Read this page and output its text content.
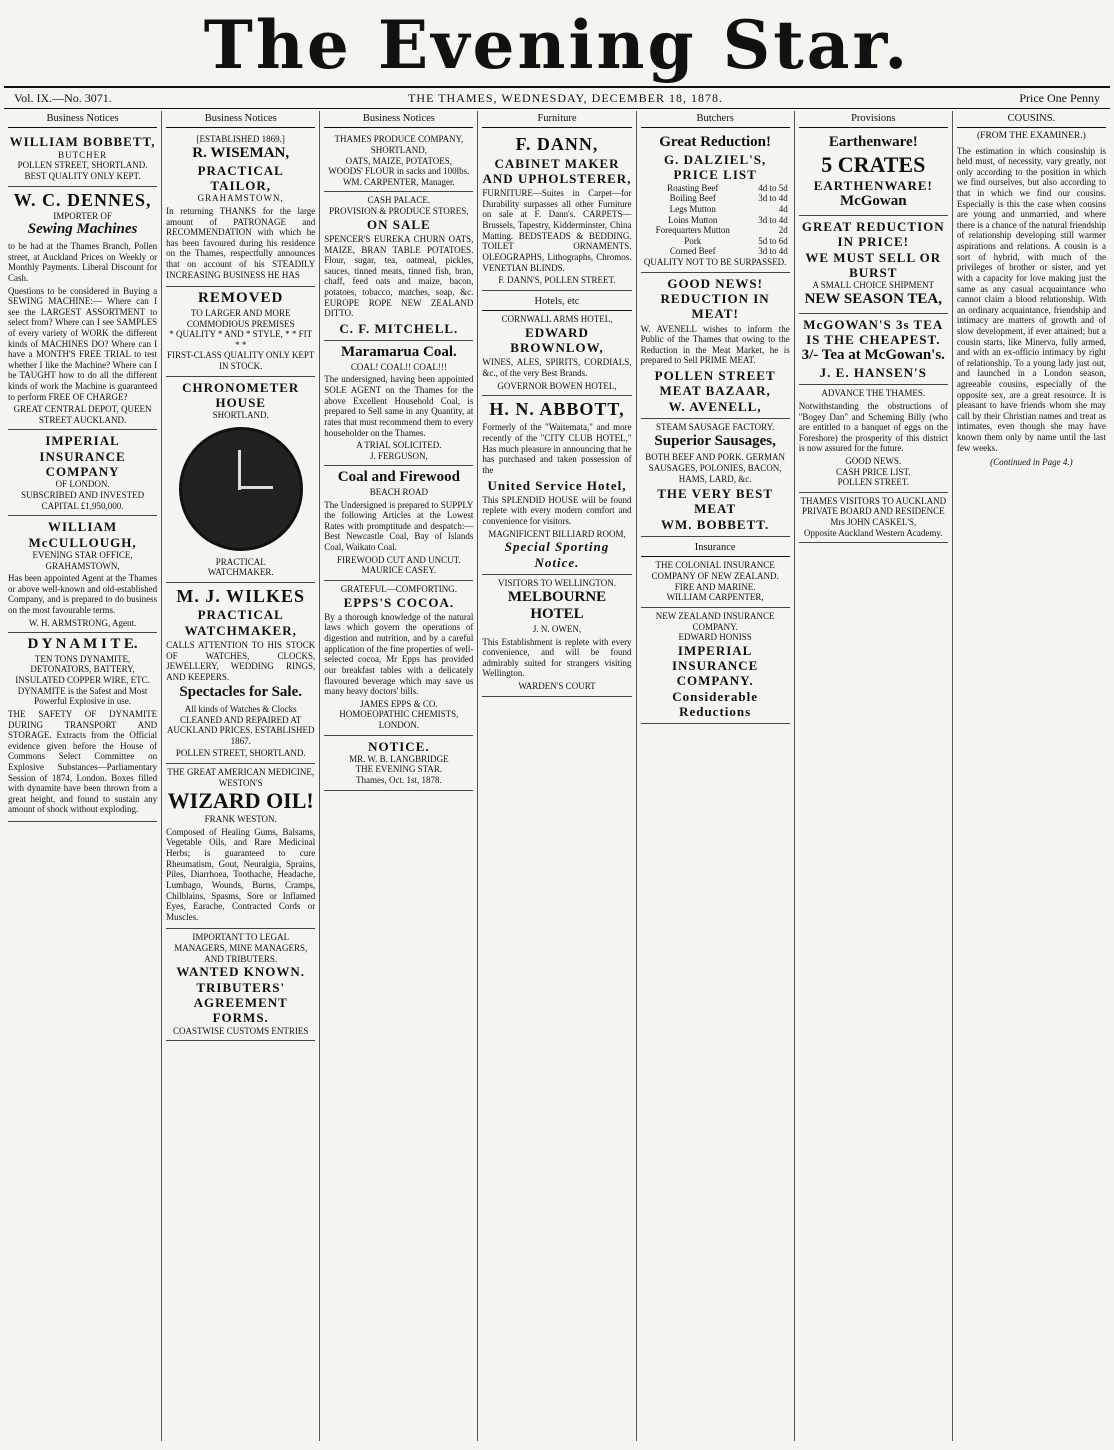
The Evening Star.
Vol. IX.—No. 3071.	THE THAMES, WEDNESDAY, DECEMBER 18, 1878.	Price One Penny
Business Notices
WILLIAM BOBBETT,
BUTCHER
POLLEN STREET, SHORTLAND.
BEST QUALITY ONLY KEPT.
W. C. DENNES,
IMPORTER OF
Sewing Machines

to be had at the Thames Branch, Pollen street, at Auckland Prices on Weekly or Monthly Payments. Liberal Discount for Cash.

Questions to be considered in Buying a SEWING MACHINE:— Where can I see the LARGEST ASSORTMENT to select from? Where can I see SAMPLES of every variety of WORK the different kinds of MACHINES DO? Where can I have a MONTH'S FREE TRIAL to test whether I like the Machine? Where can I be TAUGHT how to do all the different kinds of work the Machine is guaranteed to perform FREE OF CHARGE?

GREAT CENTRAL DEPOT, QUEEN STREET AUCKLAND.
IMPERIAL
INSURANCE COMPANY
OF LONDON.
SUBSCRIBED AND INVESTED CAPITAL £1,950,000.
WILLIAM McCULLOUGH,
EVENING STAR OFFICE,
GRAHAMSTOWN,

Has been appointed Agent at the Thames or above well-known and old-established Company, and is prepared to do business on the most favourable terms.

W. H. ARMSTRONG, Agent.
D Y N A M I T E.
TEN TONS DYNAMITE,
DETONATORS, BATTERY, INSULATED COPPER WIRE, ETC.
DYNAMITE is the Safest and Most Powerful Explosive in use.

THE SAFETY OF DYNAMITE DURING TRANSPORT AND STORAGE. Extracts from the Official evidence given before the House of Commons Select Committee on Explosive Substances—Parliamentary Session of 1874, London. Boxes filled with dynamite have been thrown from a great height, and found to sustain any amount of shock without exploding.

Business Notices
[ESTABLISHED 1869.]
R. WISEMAN,
PRACTICAL TAILOR,
GRAHAMSTOWN,

In returning THANKS for the large amount of PATRONAGE and RECOMMENDATION with which he has been favoured during his residence on the Thames, respectfully announces that on account of his STEADILY INCREASING BUSINESS HE HAS

REMOVED
TO LARGER AND MORE COMMODIOUS PREMISES
* QUALITY * AND * STYLE, * * FIT * *
FIRST-CLASS QUALITY ONLY KEPT IN STOCK.
CHRONOMETER HOUSE
SHORTLAND.
PRACTICAL
WATCHMAKER.
M. J. WILKES
PRACTICAL WATCHMAKER,

CALLS ATTENTION TO HIS STOCK OF WATCHES, CLOCKS, JEWELLERY, WEDDING RINGS, AND KEEPERS.

Spectacles for Sale.

All kinds of Watches & Clocks CLEANED AND REPAIRED AT AUCKLAND PRICES. ESTABLISHED 1867.

POLLEN STREET, SHORTLAND.
THE GREAT AMERICAN MEDICINE,
WESTON'S
WIZARD OIL!
FRANK WESTON.

Composed of Healing Gums, Balsams, Vegetable Oils, and Rare Medicinal Herbs; is guaranteed to cure Rheumatism, Gout, Neuralgia, Sprains, Piles, Diarrhoea, Toothache, Headache, Lumbago, Wounds, Burns, Cramps, Chilblains, Spasms, Sore or Inflamed Eyes, Earache, Contracted Cords or Muscles.

IMPORTANT TO LEGAL MANAGERS, MINE MANAGERS, AND TRIBUTERS.
WANTED KNOWN.
TRIBUTERS' AGREEMENT FORMS.
COASTWISE CUSTOMS ENTRIES
Business Notices
THAMES PRODUCE COMPANY, SHORTLAND,
OATS, MAIZE, POTATOES,
WOODS' FLOUR in sacks and 100lbs.
WM. CARPENTER, Manager.
CASH PALACE.
PROVISION & PRODUCE STORES,
ON SALE

SPENCER'S EUREKA CHURN OATS, MAIZE, BRAN TABLE POTATOES. Flour, sugar, tea, oatmeal, pickles, sauces, tinned meats, tinned fish, bran, chaff, feed oats and maize, bacon, potatoes, tobacco, matches, soap, &c. EUROPE ROPE NEW ZEALAND DITTO.

C. F. MITCHELL.
Maramarua Coal.
COAL! COAL!! COAL!!!

The undersigned, having been appointed SOLE AGENT on the Thames for the above Excellent Household Coal, is prepared to Sell same in any Quantity, at rates that must recommend them to every householder on the Thames.

A TRIAL SOLICITED.
J. FERGUSON,
Coal and Firewood
BEACH ROAD

The Undersigned is prepared to SUPPLY the following Articles at the Lowest Rates with promptitude and despatch:— Best Newcastle Coal, Bay of Islands Coal, Waikato Coal.

FIREWOOD CUT AND UNCUT.
MAURICE CASEY.
GRATEFUL—COMFORTING.
EPPS'S COCOA.

By a thorough knowledge of the natural laws which govern the operations of digestion and nutrition, and by a careful application of the fine properties of well-selected cocoa, Mr Epps has provided our breakfast tables with a delicately flavoured beverage which may save us many heavy doctors' bills.

JAMES EPPS & CO.
HOMOEOPATHIC CHEMISTS, LONDON.
NOTICE.
MR. W. B. LANGBRIDGE
THE EVENING STAR.
Thames, Oct. 1st, 1878.
Furniture
F. DANN,
CABINET MAKER
AND UPHOLSTERER,

FURNITURE—Suites in Carpet—for Durability surpasses all other Furniture on sale at F. Dann's. CARPETS—Brussels, Tapestry, Kidderminster, China Matting. BEDSTEADS & BEDDING. TOILET ORNAMENTS. OLEOGRAPHS, Lithographs, Chromos. VENETIAN BLINDS.

F. DANN'S, POLLEN STREET.
Hotels, etc
CORNWALL ARMS HOTEL,
EDWARD BROWNLOW,

WINES, ALES, SPIRITS, CORDIALS, &c., of the very Best Brands.

GOVERNOR BOWEN HOTEL,
H. N. ABBOTT,

Formerly of the "Waitemata," and more recently of the "CITY CLUB HOTEL," Has much pleasure in announcing that he has purchased and taken possession of the

United Service Hotel,

This SPLENDID HOUSE will be found replete with every modern comfort and convenience for visitors.

MAGNIFICENT BILLIARD ROOM,
Special Sporting Notice.
VISITORS TO WELLINGTON.
MELBOURNE HOTEL
J. N. OWEN,

This Establishment is replete with every convenience, and will be found admirably suited for strangers visiting Wellington.

WARDEN'S COURT
Butchers
Great Reduction!
G. DALZIEL'S,
PRICE LIST
Roasting Beef	4d to 5d
Boiling Beef	3d to 4d
Legs Mutton	4d
Loins Mutton	3d to 4d
Forequarters Mutton	2d
Pork	5d to 6d
Corned Beef	3d to 4d
QUALITY NOT TO BE SURPASSED.
GOOD NEWS!
REDUCTION IN MEAT!

W. AVENELL wishes to inform the Public of the Thames that owing to the Reduction in the Meat Market, he is prepared to Sell PRIME MEAT.

POLLEN STREET MEAT BAZAAR,
W. AVENELL,
STEAM SAUSAGE FACTORY.
Superior Sausages,

BOTH BEEF AND PORK. GERMAN SAUSAGES, POLONIES, BACON, HAMS, LARD, &c.

THE VERY BEST MEAT
WM. BOBBETT.
Insurance
THE COLONIAL INSURANCE COMPANY OF NEW ZEALAND.
FIRE AND MARINE.
WILLIAM CARPENTER,
NEW ZEALAND INSURANCE COMPANY.
EDWARD HONISS
IMPERIAL INSURANCE COMPANY.
Considerable Reductions
Provisions
Earthenware!
5 CRATES
EARTHENWARE!
McGowan
GREAT REDUCTION IN PRICE!
WE MUST SELL OR BURST
A SMALL CHOICE SHIPMENT
NEW SEASON TEA,
McGOWAN'S 3s TEA
IS THE CHEAPEST.
3/- Tea at McGowan's.
J. E. HANSEN'S
ADVANCE THE THAMES.

Notwithstanding the obstructions of "Bogey Dan" and Scheming Billy (who are entitled to a banquet of eggs on the Foreshore) the prosperity of this district is now assured for the future.

GOOD NEWS.
CASH PRICE LIST.
POLLEN STREET.
THAMES VISITORS TO AUCKLAND
PRIVATE BOARD AND RESIDENCE
Mrs JOHN CASKEL'S,
Opposite Auckland Western Academy.
COUSINS.
(FROM THE EXAMINER.)

The estimation in which cousinship is held must, of necessity, vary greatly, not only according to the position in which we find ourselves, but also according to that in which we find our cousins. Especially is this the case when cousins are young and unmarried, and where there is a chance of the natural friendship of relationship developing still warmer aspirations and relations. A cousin is a sort of hybrid, with much of the privileges of brother or sister, and yet with a capacity for love making just the same as any casual acquaintance who cannot claim a blood relationship. With an ordinary acquaintance, friendship and intimacy are matters of growth and of slow development, if ever attained; but a cousin starts, like Minerva, fully armed, and with an ex-officio intimacy by right of relationship. To a young lady just out, and launched in a London season, agreeable cousins, especially of the opposite sex, are a great resource. It is pleasant to have friends whom she may call by their Christian names and treat as intimates, even though she may have known them only by name until the last few weeks.

(Continued in Page 4.)
